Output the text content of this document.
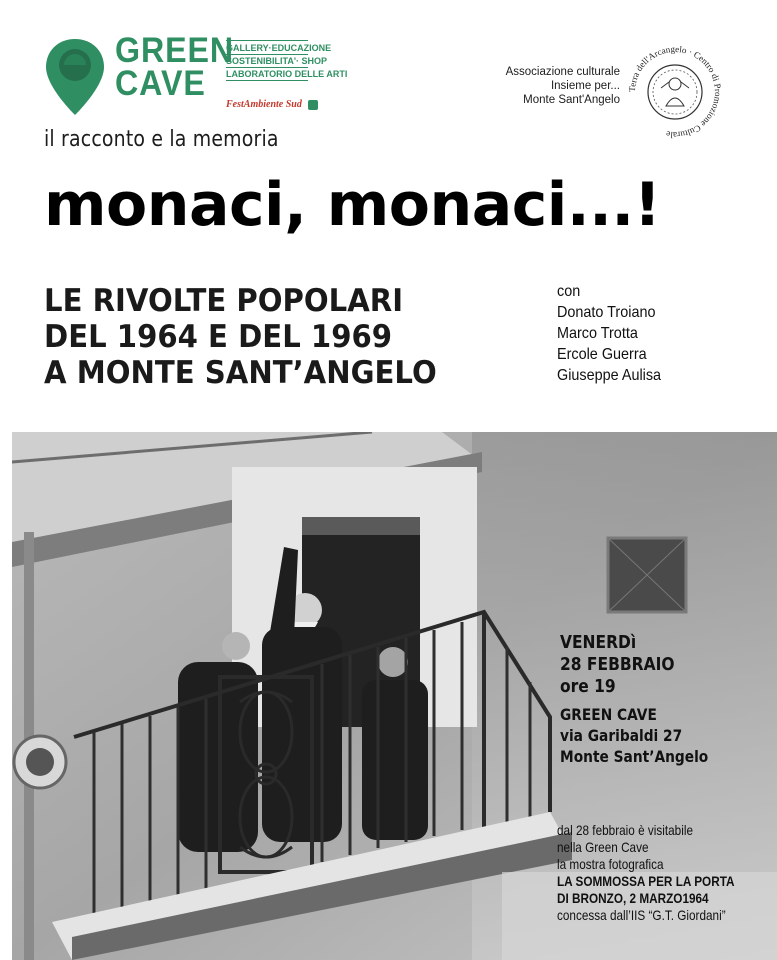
GREEN
CAVE
GALLERY·EDUCAZIONE
SOSTENIBILITA'· SHOP
LABORATORIO DELLE ARTI
FestAmbiente Sud
il racconto e la memoria
Associazione culturale
Insieme per...
Monte Sant'Angelo
Terra dell'Arcangelo · Centro di Promozione Culturale
monaci, monaci...!
LE RIVOLTE POPOLARI
DEL 1964 E DEL 1969
A MONTE SANT’ANGELO
con
Donato Troiano
Marco Trotta
Ercole Guerra
Giuseppe Aulisa
VENERDì
28 FEBBRAIO
ore 19
GREEN CAVE
via Garibaldi 27
Monte Sant’Angelo
dal 28 febbraio è visitabile
nella Green Cave
la mostra fotografica
LA SOMMOSSA PER LA PORTA
DI BRONZO, 2 MARZO1964
concessa dall’IIS “G.T. Giordani”
